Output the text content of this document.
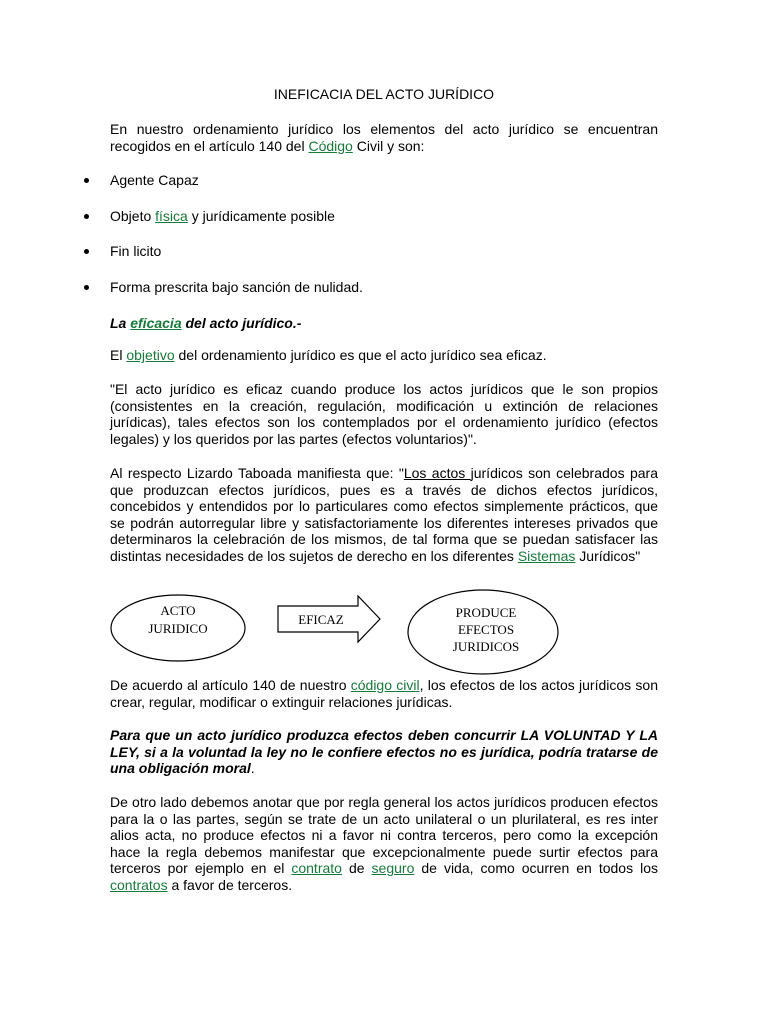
INEFICACIA DEL ACTO JURÍDICO
En nuestro ordenamiento jurídico los elementos del acto jurídico se encuentran recogidos en el artículo 140 del Código Civil y son:
Agente Capaz
Objeto física y jurídicamente posible
Fin licito
Forma prescrita bajo sanción de nulidad.
La eficacia del acto jurídico.-
El objetivo del ordenamiento jurídico es que el acto jurídico sea eficaz.
"El acto jurídico es eficaz cuando produce los actos jurídicos que le son propios (consistentes en la creación, regulación, modificación u extinción de relaciones jurídicas), tales efectos son los contemplados por el ordenamiento jurídico (efectos legales) y los queridos por las partes (efectos voluntarios)".
Al respecto Lizardo Taboada manifiesta que: "Los actos jurídicos son celebrados para que produzcan efectos jurídicos, pues es a través de dichos efectos jurídicos, concebidos y entendidos por lo particulares como efectos simplemente prácticos, que se podrán autorregular libre y satisfactoriamente los diferentes intereses privados que determinaros la celebración de los mismos, de tal forma que se puedan satisfacer las distintas necesidades de los sujetos de derecho en los diferentes Sistemas Jurídicos"
ACTO
JURIDICO
EFICAZ	PRODUCE
EFECTOS
JURIDICOS
De acuerdo al artículo 140 de nuestro código civil, los efectos de los actos jurídicos son crear, regular, modificar o extinguir relaciones jurídicas.
Para que un acto jurídico produzca efectos deben concurrir LA VOLUNTAD Y LA LEY, si a la voluntad la ley no le confiere efectos no es jurídica, podría tratarse de una obligación moral.
De otro lado debemos anotar que por regla general los actos jurídicos producen efectos para la o las partes, según se trate de un acto unilateral o un plurilateral, es res inter alios acta, no produce efectos ni a favor ni contra terceros, pero como la excepción hace la regla debemos manifestar que excepcionalmente puede surtir efectos para terceros por ejemplo en el contrato de seguro de vida, como ocurren en todos los contratos a favor de terceros.
